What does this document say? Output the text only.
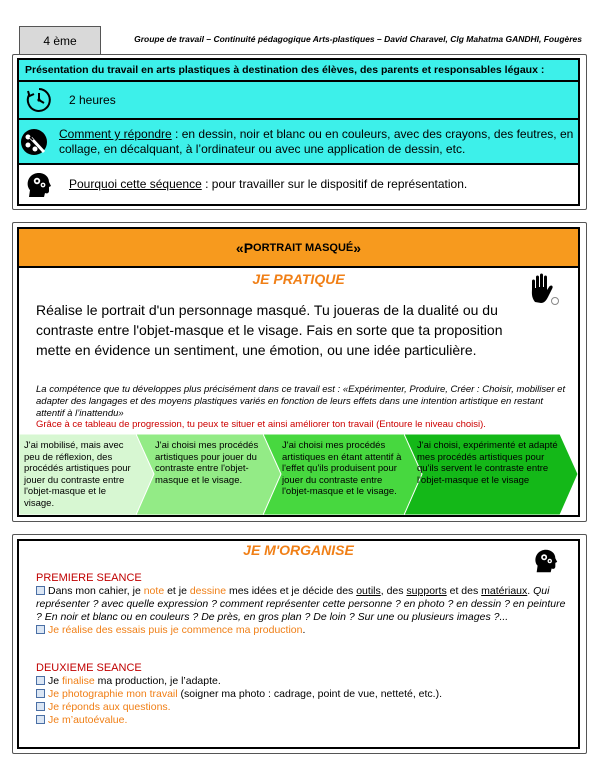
4 ème	Groupe de travail – Continuité pédagogique Arts-plastiques – David Charavel, Clg Mahatma GANDHI, Fougères
Présentation du travail en arts plastiques à destination des élèves, des parents et responsables légaux :
2 heures
Comment y répondre : en dessin, noir et blanc ou en couleurs, avec des crayons, des feutres, en collage, en décalquant, à l’ordinateur ou avec une application de dessin, etc.
Pourquoi cette séquence : pour travailler sur le dispositif de représentation.
« P ORTRAIT MASQUÉ »
JE PRATIQUE
Réalise le portrait d'un personnage masqué. Tu joueras de la dualité ou du contraste entre l'objet-masque et le visage. Fais en sorte que ta proposition mette en évidence un sentiment, une émotion, ou une idée particulière.
La compétence que tu développes plus précisément dans ce travail est : «Expérimenter, Produire, Créer : Choisir, mobiliser et adapter des langages et des moyens plastiques variés en fonction de leurs effets dans une intention artistique en restant attentif à l’inattendu»
Grâce à ce tableau de progression, tu peux te situer et ainsi améliorer ton travail (Entoure le niveau choisi).
J'ai mobilisé, mais avec peu de réflexion, des procédés artistiques pour jouer du contraste entre l'objet-masque et le visage.
J'ai choisi mes procédés artistiques pour jouer du contraste entre l'objet-masque et le visage.
J'ai choisi mes procédés artistiques en étant attentif à l'effet qu'ils produisent pour jouer du contraste entre l'objet-masque et le visage.
J'ai choisi, expérimenté et adapté mes procédés artistiques pour qu'ils servent le contraste entre l'objet-masque et le visage
JE M'ORGANISE
PREMIERE SEANCE
Dans mon cahier, je note et je dessine mes idées et je décide des outils, des supports et des matériaux. Qui représenter ? avec quelle expression ? comment représenter cette personne ? en photo ? en dessin ? en peinture ? En noir et blanc ou en couleurs ? De près, en gros plan ? De loin ? Sur une ou plusieurs images ?...
Je réalise des essais puis je commence ma production.
DEUXIEME SEANCE
Je finalise ma production, je l’adapte.
Je photographie mon travail (soigner ma photo : cadrage, point de vue, netteté, etc.).
Je réponds aux questions.
Je m’autoévalue.
